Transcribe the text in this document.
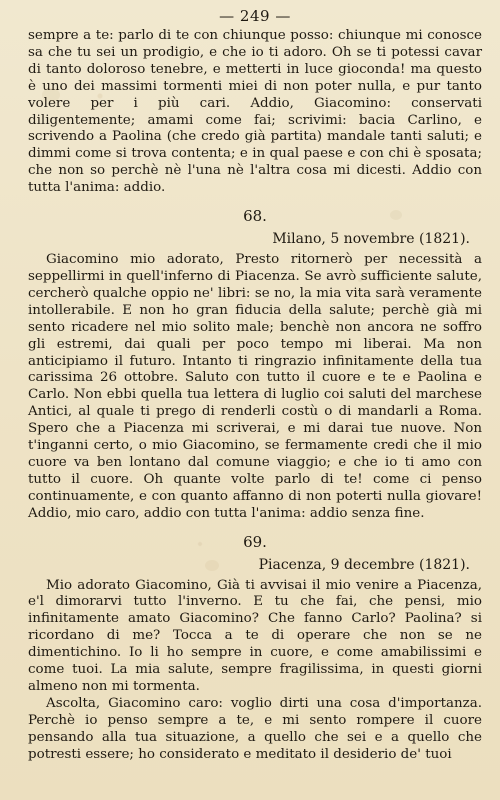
— 249 —

sempre a te: parlo di te con chiunque posso: chiunque mi conosce sa che tu sei un prodigio, e che io ti adoro. Oh se ti potessi cavar di tanto doloroso tenebre, e metterti in luce gioconda! ma questo è uno dei massimi tormenti miei di non poter nulla, e pur tanto volere per i più cari. Addio, Giacomino: conservati diligentemente; amami come fai; scrivimi: bacia Carlino, e scrivendo a Paolina (che credo già partita) mandale tanti saluti; e dimmi come si trova contenta; e in qual paese e con chi è sposata; che non so perchè nè l'una nè l'altra cosa mi dicesti. Addio con tutta l'anima: addio.

68.
Milano, 5 novembre (1821).

Giacomino mio adorato, Presto ritornerò per necessità a seppellirmi in quell'inferno di Piacenza. Se avrò sufficiente salute, cercherò qualche oppio ne' libri: se no, la mia vita sarà veramente intollerabile. E non ho gran fiducia della salute; perchè già mi sento ricadere nel mio solito male; benchè non ancora ne soffro gli estremi, dai quali per poco tempo mi liberai. Ma non anticipiamo il futuro. Intanto ti ringrazio infinitamente della tua carissima 26 ottobre. Saluto con tutto il cuore e te e Paolina e Carlo. Non ebbi quella tua lettera di luglio coi saluti del marchese Antici, al quale ti prego di renderli costù o di mandarli a Roma. Spero che a Piacenza mi scriverai, e mi darai tue nuove. Non t'inganni certo, o mio Giacomino, se fermamente credi che il mio cuore va ben lontano dal comune viaggio; e che io ti amo con tutto il cuore. Oh quante volte parlo di te! come ci penso continuamente, e con quanto affanno di non poterti nulla giovare! Addio, mio caro, addio con tutta l'anima: addio senza fine.

69.
Piacenza, 9 decembre (1821).

Mio adorato Giacomino, Già ti avvisai il mio venire a Piacenza, e'l dimorarvi tutto l'inverno. E tu che fai, che pensi, mio infinitamente amato Giacomino? Che fanno Carlo? Paolina? si ricordano di me? Tocca a te di operare che non se ne dimentichino. Io li ho sempre in cuore, e come amabilissimi e come tuoi. La mia salute, sempre fragilissima, in questi giorni almeno non mi tormenta.

Ascolta, Giacomino caro: voglio dirti una cosa d'importanza. Perchè io penso sempre a te, e mi sento rompere il cuore pensando alla tua situazione, a quello che sei e a quello che potresti essere; ho considerato e meditato il desiderio de' tuoi
